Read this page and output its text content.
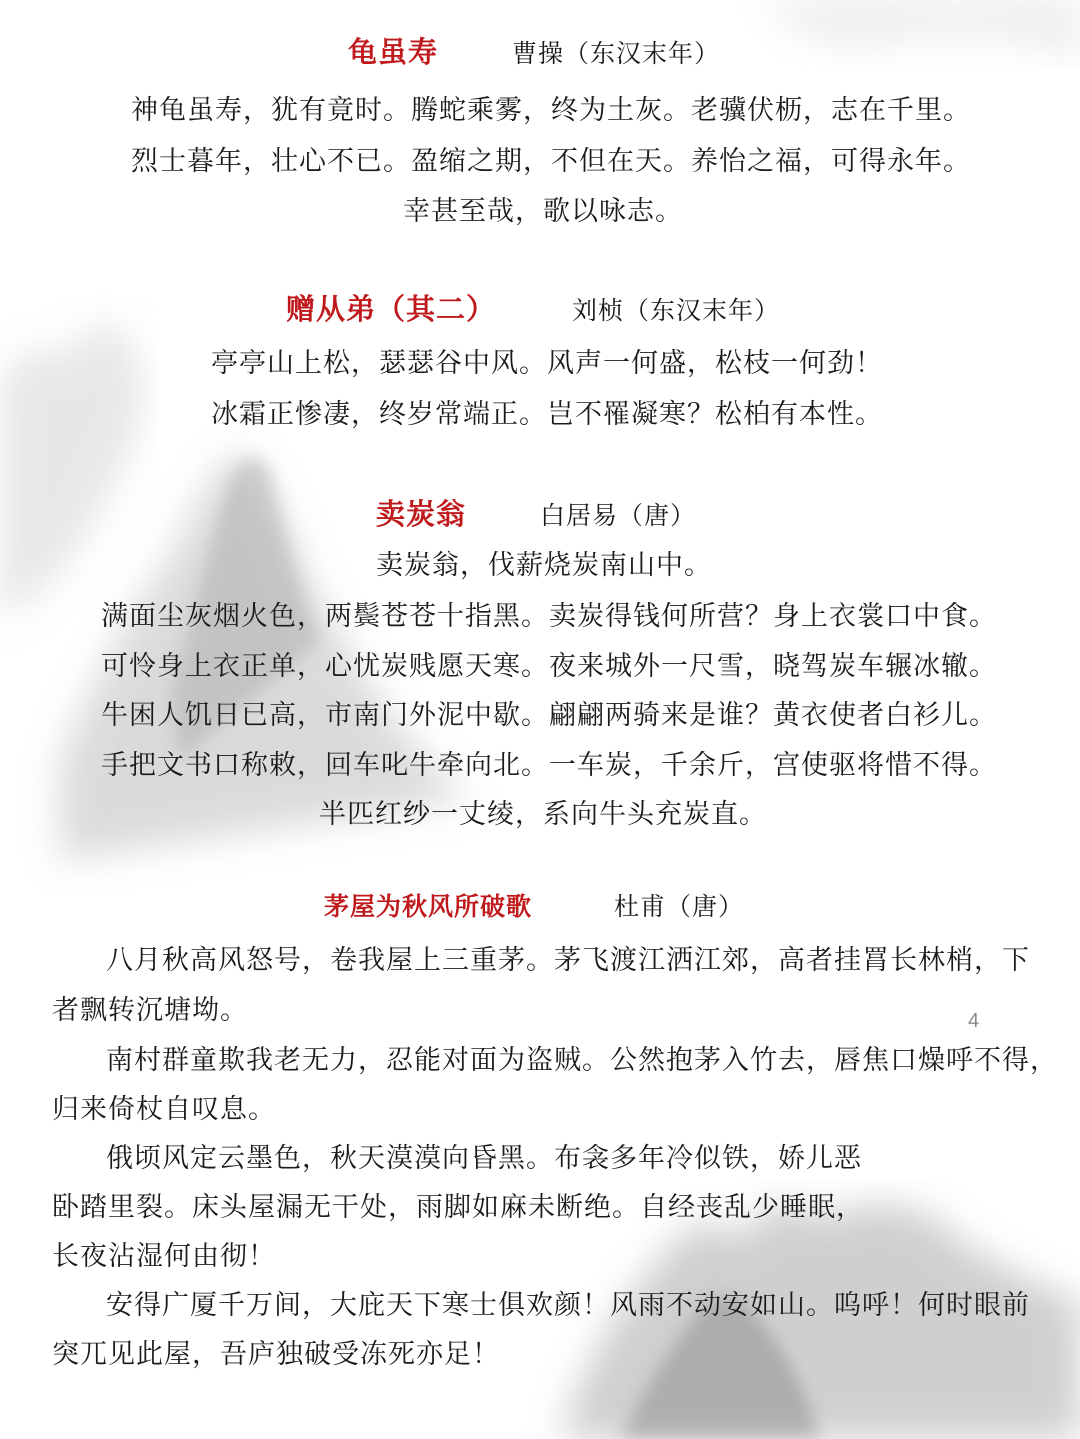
龟虽寿	曹操（东汉末年）
神龟虽寿，犹有竟时。腾蛇乘雾，终为土灰。老骥伏枥，志在千里。
烈士暮年，壮心不已。盈缩之期，不但在天。养怡之福，可得永年。
幸甚至哉，歌以咏志。
赠从弟（其二）	刘桢（东汉末年）
亭亭山上松，瑟瑟谷中风。风声一何盛，松枝一何劲！
冰霜正惨凄，终岁常端正。岂不罹凝寒？松柏有本性。
卖炭翁	白居易（唐）
卖炭翁，伐薪烧炭南山中。
满面尘灰烟火色，两鬓苍苍十指黑。卖炭得钱何所营？身上衣裳口中食。
可怜身上衣正单，心忧炭贱愿天寒。夜来城外一尺雪，晓驾炭车辗冰辙。
牛困人饥日已高，市南门外泥中歇。翩翩两骑来是谁？黄衣使者白衫儿。
手把文书口称敕，回车叱牛牵向北。一车炭，千余斤，宫使驱将惜不得。
半匹红纱一丈绫，系向牛头充炭直。
茅屋为秋风所破歌	杜甫（唐）
八月秋高风怒号，卷我屋上三重茅。茅飞渡江洒江郊，高者挂罥长林梢，下
者飘转沉塘坳。
南村群童欺我老无力，忍能对面为盗贼。公然抱茅入竹去，唇焦口燥呼不得，
归来倚杖自叹息。
俄顷风定云墨色，秋天漠漠向昏黑。布衾多年冷似铁，娇儿恶
卧踏里裂。床头屋漏无干处，雨脚如麻未断绝。自经丧乱少睡眠，
长夜沾湿何由彻！
安得广厦千万间，大庇天下寒士俱欢颜！风雨不动安如山。呜呼！何时眼前
突兀见此屋，吾庐独破受冻死亦足！
4
